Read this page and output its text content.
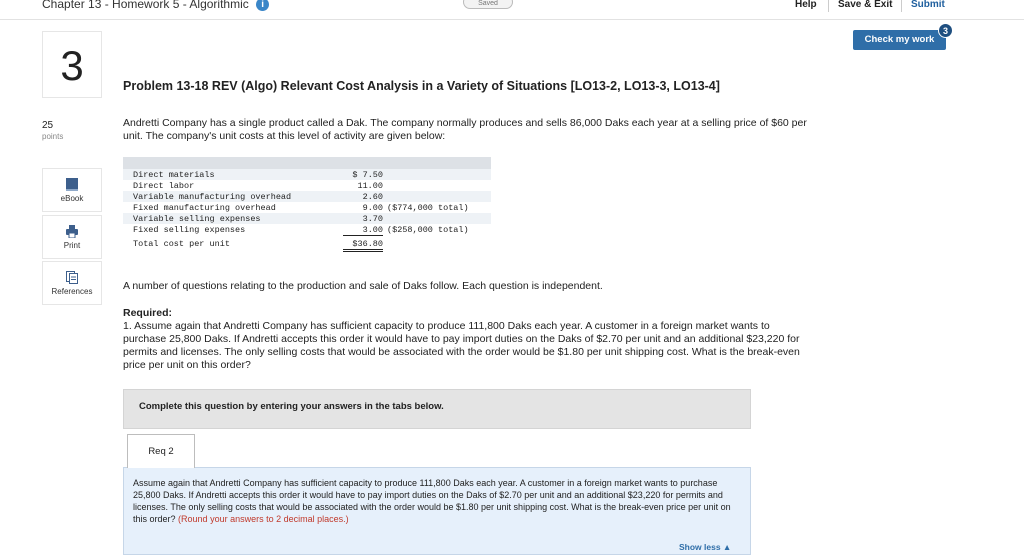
Chapter 13 - Homework 5 - Algorithmic i	Saved	Help Save & Exit Submit
Check my work
3
3
25
points
eBook
Print
References
Problem 13-18 REV (Algo) Relevant Cost Analysis in a Variety of Situations [LO13-2, LO13-3, LO13-4]
Andretti Company has a single product called a Dak. The company normally produces and sells 86,000 Daks each year at a selling price of $60 per unit. The company's unit costs at this level of activity are given below:
Direct materials	$ 7.50
Direct labor	11.00
Variable manufacturing overhead	2.60
Fixed manufacturing overhead	9.00 ($774,000 total)
Variable selling expenses	3.70
Fixed selling expenses	3.00 ($258,000 total)
Total cost per unit	$36.80
A number of questions relating to the production and sale of Daks follow. Each question is independent.
Required:
1. Assume again that Andretti Company has sufficient capacity to produce 111,800 Daks each year. A customer in a foreign market wants to purchase 25,800 Daks. If Andretti accepts this order it would have to pay import duties on the Daks of $2.70 per unit and an additional $23,220 for permits and licenses. The only selling costs that would be associated with the order would be $1.80 per unit shipping cost. What is the break-even price per unit on this order?
Complete this question by entering your answers in the tabs below.
Req 2
Assume again that Andretti Company has sufficient capacity to produce 111,800 Daks each year. A customer in a foreign market wants to purchase 25,800 Daks. If Andretti accepts this order it would have to pay import duties on the Daks of $2.70 per unit and an additional $23,220 for permits and licenses. The only selling costs that would be associated with the order would be $1.80 per unit shipping cost. What is the break-even price per unit on this order? (Round your answers to 2 decimal places.)
Show less ▲
